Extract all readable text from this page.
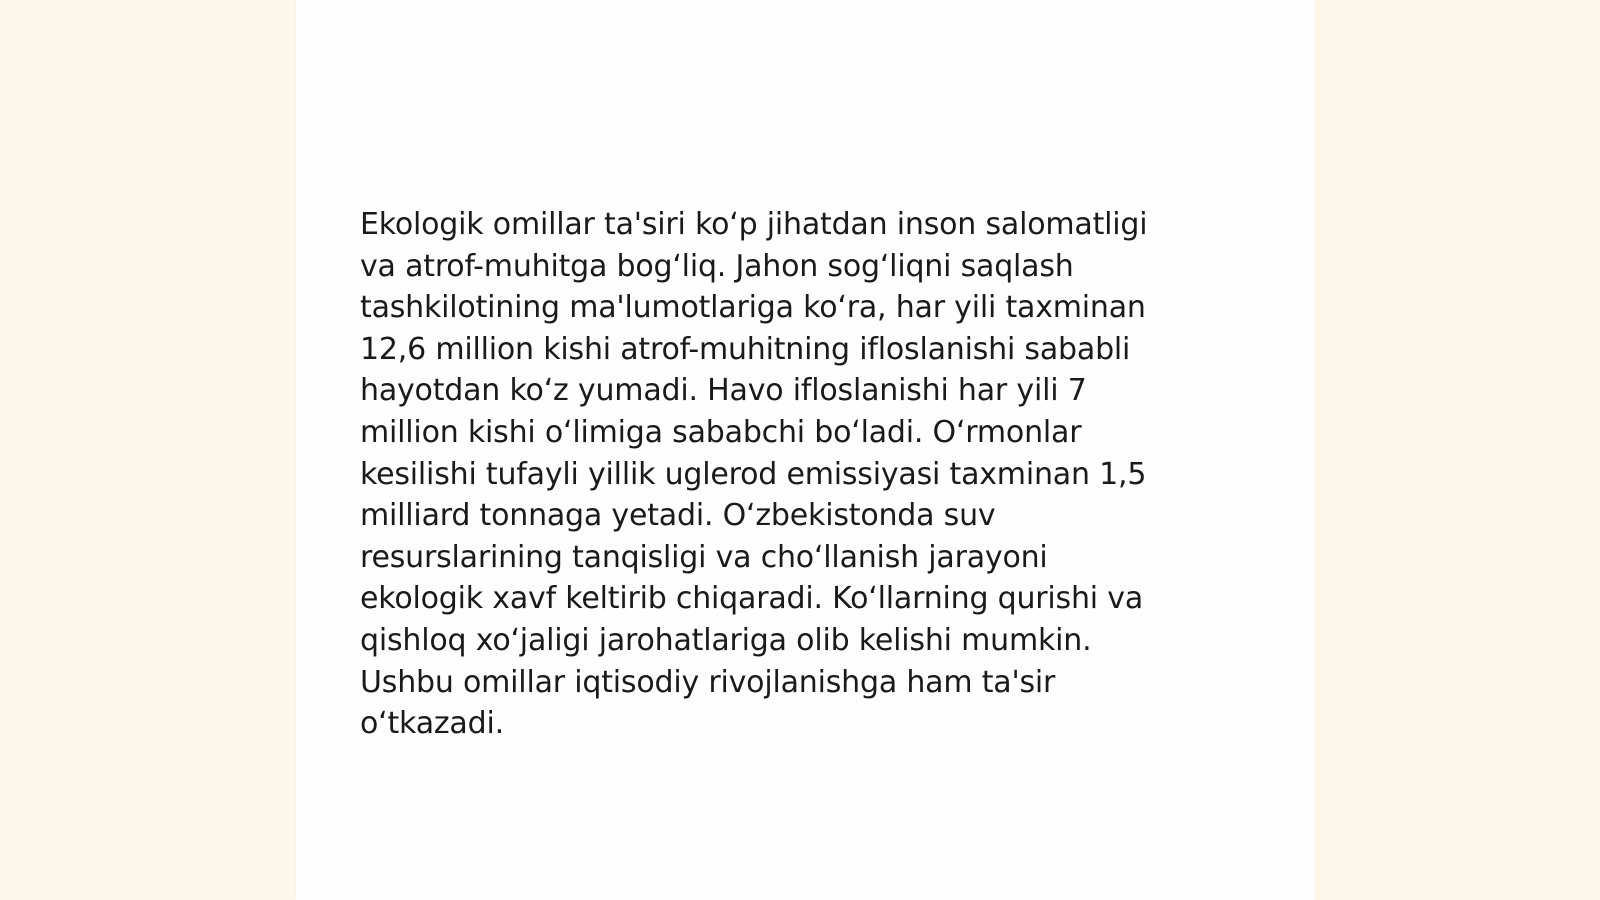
Ekologik omillar ta'siri ko‘p jihatdan inson salomatligi
va atrof-muhitga bog‘liq. Jahon sog‘liqni saqlash
tashkilotining ma'lumotlariga ko‘ra, har yili taxminan
12,6 million kishi atrof-muhitning ifloslanishi sababli
hayotdan ko‘z yumadi. Havo ifloslanishi har yili 7
million kishi o‘limiga sababchi bo‘ladi. O‘rmonlar
kesilishi tufayli yillik uglerod emissiyasi taxminan 1,5
milliard tonnaga yetadi. O‘zbekistonda suv
resurslarining tanqisligi va cho‘llanish jarayoni
ekologik xavf keltirib chiqaradi. Ko‘llarning qurishi va
qishloq xo‘jaligi jarohatlariga olib kelishi mumkin.
Ushbu omillar iqtisodiy rivojlanishga ham ta'sir
o‘tkazadi.
